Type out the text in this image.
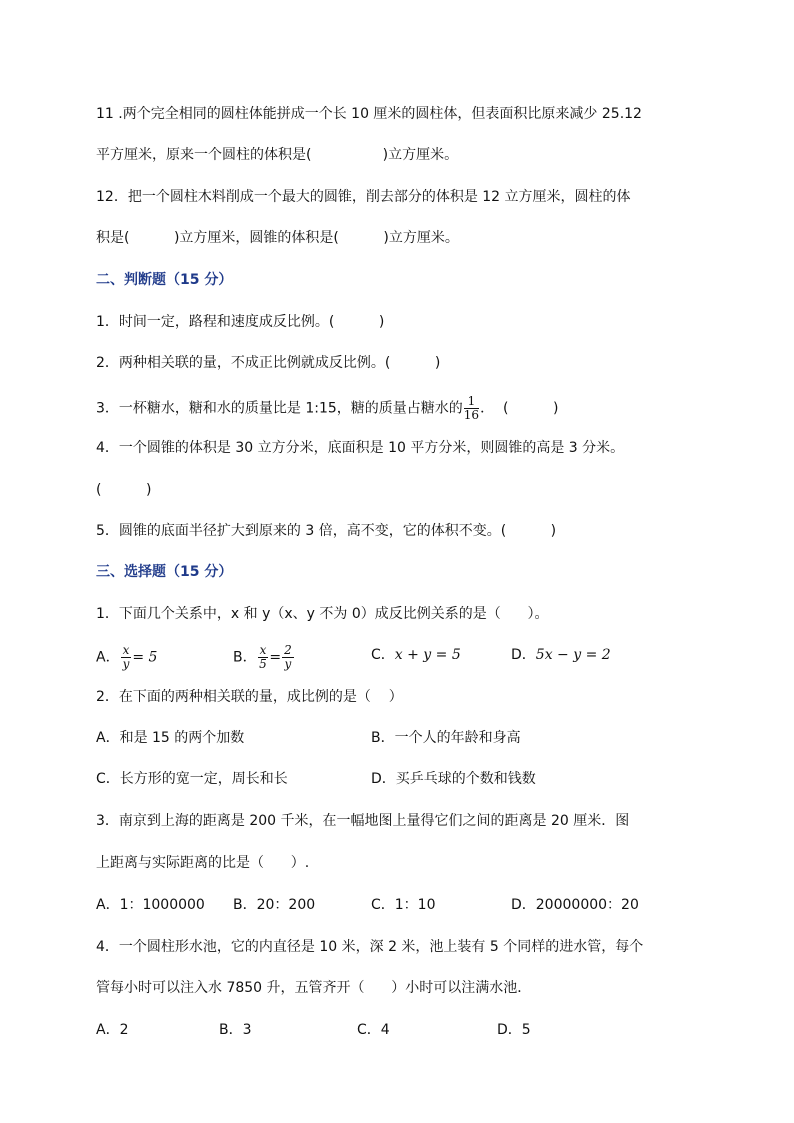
11 .两个完全相同的圆柱体能拼成一个长 10 厘米的圆柱体，但表面积比原来减少 25.12
平方厘米，原来一个圆柱的体积是(                )立方厘米。
12．把一个圆柱木料削成一个最大的圆锥，削去部分的体积是 12 立方厘米，圆柱的体
积是(          )立方厘米，圆锥的体积是(          )立方厘米。
二、判断题（15 分）
1．时间一定，路程和速度成反比例。(          )
2．两种相关联的量，不成正比例就成反比例。(          )
3．一杯糖水，糖和水的质量比是 1:15，糖的质量占糖水的 $\frac{1}{16}$ ．  (          )
4．一个圆锥的体积是 30 立方分米，底面积是 10 平方分米，则圆锥的高是 3 分米。
(          )
5．圆锥的底面半径扩大到原来的 3 倍，高不变，它的体积不变。(          )
三、选择题（15 分）
1．下面几个关系中，x 和 y（x、y 不为 0）成反比例关系的是（      ）。
A． $\frac{x}{y} = 5$	B． $\frac{x}{5} = \frac{2}{y}$	C．x + y = 5	D．5x − y = 2
2．在下面的两种相关联的量，成比例的是（    ）
A．和是 15 的两个加数	B．一个人的年龄和身高
C．长方形的宽一定，周长和长	D．买乒乓球的个数和钱数
3．南京到上海的距离是 200 千米，在一幅地图上量得它们之间的距离是 20 厘米．图
上距离与实际距离的比是（      ）.
A．1：1000000 B．20：200	C．1：10	D．20000000：20
4．一个圆柱形水池，它的内直径是 10 米，深 2 米，池上装有 5 个同样的进水管，每个
管每小时可以注入水 7850 升，五管齐开（      ）小时可以注满水池．
A．2	B．3	C．4	D．5
